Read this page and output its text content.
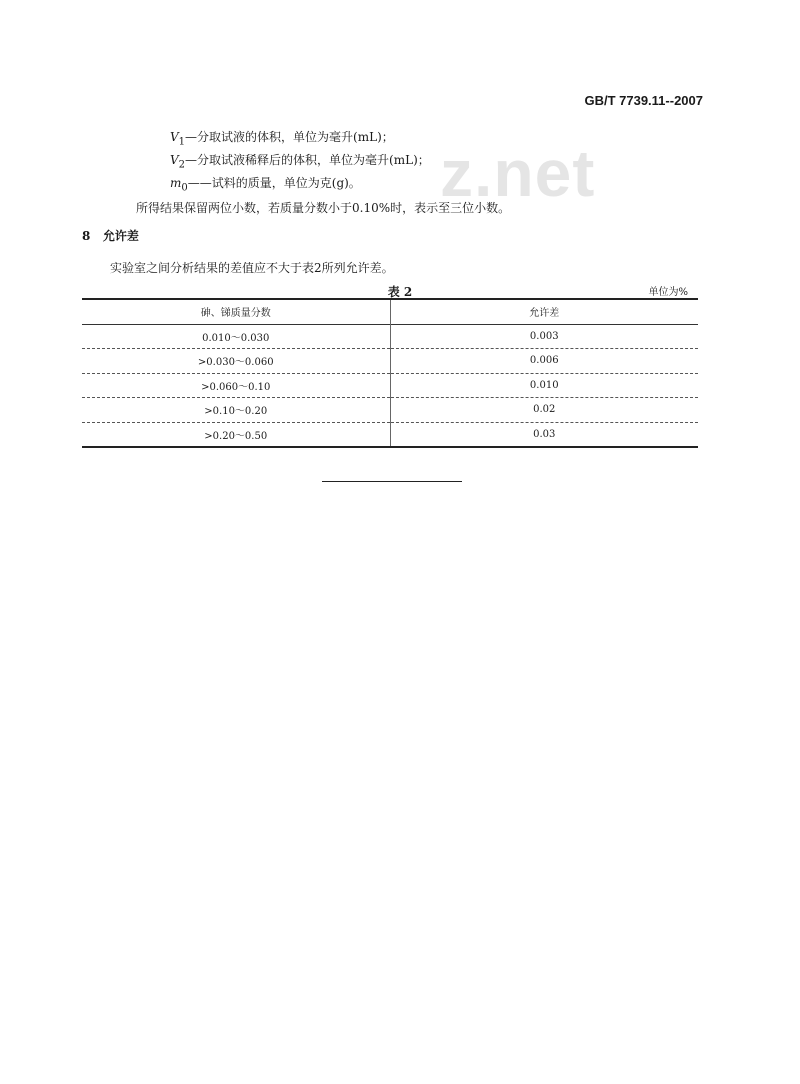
GB/T 7739.11--2007
z.net
$V_1—$分取试液的体积，单位为毫升(mL)；
$V_2—$分取试液稀释后的体积，单位为毫升(mL)；
$m_0——$试料的质量，单位为克(g)。
所得结果保留两位小数，若质量分数小于0.10%时，表示至三位小数。
8 允许差
实验室之间分析结果的差值应不大于表2所列允许差。
表 2	单位为%
砷、锑质量分数	允许差
0.010～0.030	0.003
>0.030～0.060	0.006
>0.060～0.10	0.010
>0.10～0.20	0.02
>0.20～0.50	0.03
